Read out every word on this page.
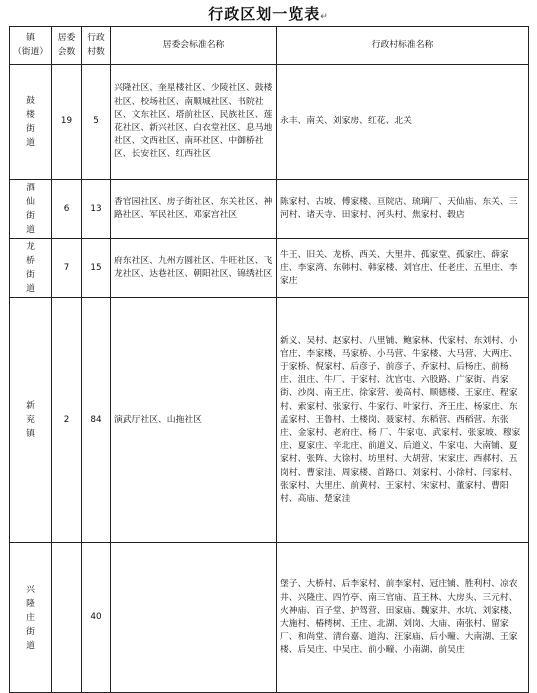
行政区划一览表↵
镇
（街道）	居委会数	行政村数	居委会标准名称	行政村标准名称
鼓楼街道	19	5	兴隆社区、奎星楼社区、少陵社区、鼓楼社区、校场社区、南顺城社区、书院社区、文东社区、塔前社区、民族社区、莲花社区、新兴社区、白衣堂社区、息马地社区、文西社区、南环社区、中御桥社区、长安社区、红西社区	永丰、南关、刘家房、红花、北关
酒仙街道	6	13	香官园社区、房子街社区、东关社区、神路社区、军民社区、邓家宫社区	陈家村、古坡、傅家楼、亘院店、琉璃厂、天仙庙、东关、三河村、诸天寺、田家村、河头村、焦家村、毂店
龙桥街道	7	15	府东社区、九州方圆社区、牛旺社区、飞龙社区、达巷社区、朝阳社区、锦绣社区	牛王、旧关、龙桥、西关、大里井、孤家堂、孤家庄、薛家庄、李家湾、东韩村、韩家楼、刘官庄、任老庄、五里庄、李家庄
新兖镇	2	84	演武厅社区、山拖社区	新义、吴村、赵家村、八里铺、鲍家林、代家村、东刘村、小官庄、李家楼、马家桥、小马营、牛家楼、大马营、大两庄、于家桥、倪家村、后彦子、前彦子、乔家村、后杨庄、前杨庄、沮庄、牛厂、于家村、沈官屯、六股路、广家街、肖家街、沙岗、南王庄、徐家营、姜高村、顺德楼、王家庄、程家村、索家村、张家行、牛家行、叶家行、齐王庄、杨家庄、东孟家村、王鲁村、土楼岗、聂家村、东稻营、西稻营、东张庄、金家村、老府庄、杨 厂、牛家屯、武家村、张家坡、穆家庄、夏家庄、辛北庄、前道义、后道义、牛家屯、大南铺、夏家村、张阵、大徐村、坊里村、大胡营、宋家庄、西郝村、五岗村、曹家洼、周家楼、首路口、刘家村、小徐村、闫家村、张家村、大里庄、前黄村、王家村、宋家村、董家村、曹阳村、高庙、楚家洼
兴隆庄街道		40		堡子、大桥村、后李家村、前李家村、冠庄铺、胜利村、凉农井、兴隆庄、四竹亭、南三官庙、苴王林、大房头、三元村、火神庙、百子堂、护驾营、田家庙、魏家井、水坑、刘家楼、大施村、椿樗树、王庄、北湖、刘岗、大庙、南张村、留家厂、和尚堂、清台嘉、道沟、汪家庙、后小疃、大南湖、王家楼、后吴庄、中吴庄、前小疃、小南湖、前吴庄
